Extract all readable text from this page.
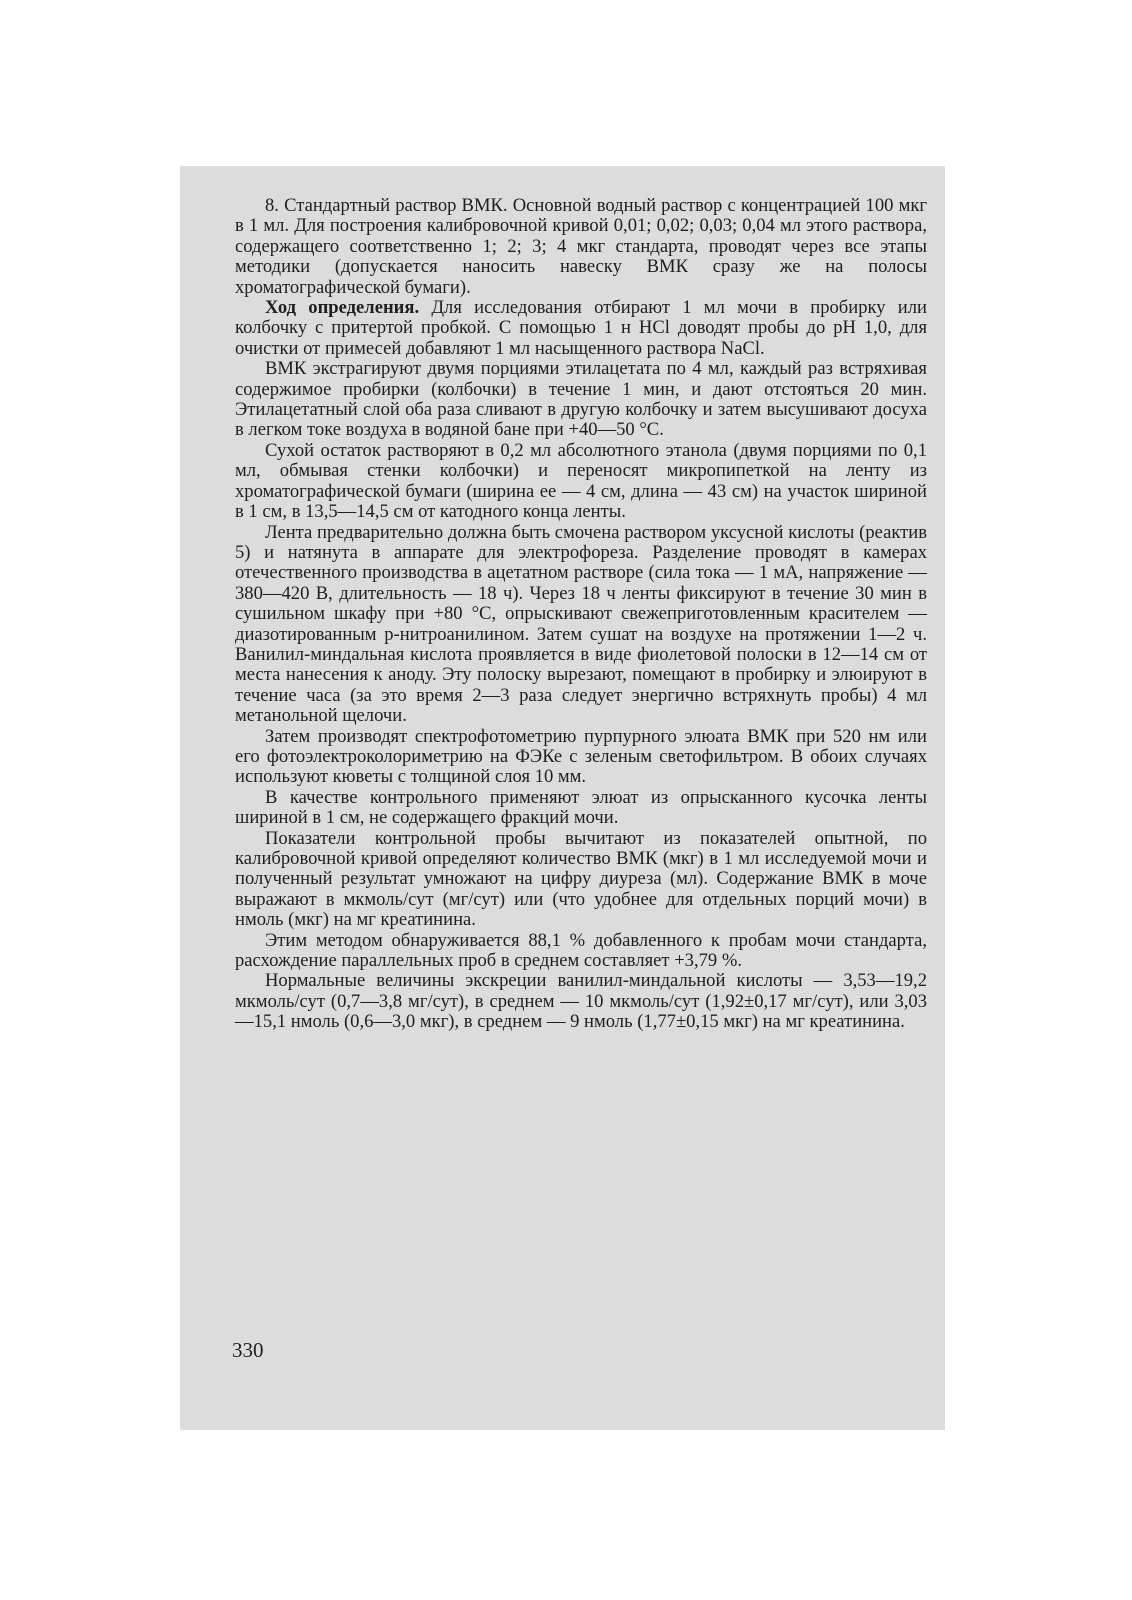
8. Стандартный раствор ВМК. Основной водный раствор с концентрацией 100 мкг в 1 мл. Для построения калибровочной кривой 0,01; 0,02; 0,03; 0,04 мл этого раствора, содержащего соответственно 1; 2; 3; 4 мкг стандарта, проводят через все этапы методики (допускается наносить навеску ВМК сразу же на полосы хроматографической бумаги).

Ход определения. Для исследования отбирают 1 мл мочи в пробирку или колбочку с притертой пробкой. С помощью 1 н HCl доводят пробы до pH 1,0, для очистки от примесей добавляют 1 мл насыщенного раствора NaCl.

ВМК экстрагируют двумя порциями этилацетата по 4 мл, каждый раз встряхивая содержимое пробирки (колбочки) в течение 1 мин, и дают отстояться 20 мин. Этилацетатный слой оба раза сливают в другую колбочку и затем высушивают досуха в легком токе воздуха в водяной бане при +40—50 °C.

Сухой остаток растворяют в 0,2 мл абсолютного этанола (двумя порциями по 0,1 мл, обмывая стенки колбочки) и переносят микропипеткой на ленту из хроматографической бумаги (ширина ее — 4 см, длина — 43 см) на участок шириной в 1 см, в 13,5—14,5 см от катодного конца ленты.

Лента предварительно должна быть смочена раствором уксусной кислоты (реактив 5) и натянута в аппарате для электрофореза. Разделение проводят в камерах отечественного производства в ацетатном растворе (сила тока — 1 мА, напряжение — 380—420 В, длительность — 18 ч). Через 18 ч ленты фиксируют в течение 30 мин в сушильном шкафу при +80 °C, опрыскивают свежеприготовленным красителем — диазотированным р-нитроанилином. Затем сушат на воздухе на протяжении 1—2 ч. Ванилил-миндальная кислота проявляется в виде фиолетовой полоски в 12—14 см от места нанесения к аноду. Эту полоску вырезают, помещают в пробирку и элюируют в течение часа (за это время 2—3 раза следует энергично встряхнуть пробы) 4 мл метанольной щелочи.

Затем производят спектрофотометрию пурпурного элюата ВМК при 520 нм или его фотоэлектроколориметрию на ФЭКе с зеленым светофильтром. В обоих случаях используют кюветы с толщиной слоя 10 мм.

В качестве контрольного применяют элюат из опрысканного кусочка ленты шириной в 1 см, не содержащего фракций мочи.

Показатели контрольной пробы вычитают из показателей опытной, по калибровочной кривой определяют количество ВМК (мкг) в 1 мл исследуемой мочи и полученный результат умножают на цифру диуреза (мл). Содержание ВМК в моче выражают в мкмоль/сут (мг/сут) или (что удобнее для отдельных порций мочи) в нмоль (мкг) на мг креатинина.

Этим методом обнаруживается 88,1 % добавленного к пробам мочи стандарта, расхождение параллельных проб в среднем составляет +3,79 %.

Нормальные величины экскреции ванилил-миндальной кислоты — 3,53—19,2 мкмоль/сут (0,7—3,8 мг/сут), в среднем — 10 мкмоль/сут (1,92±0,17 мг/сут), или 3,03—15,1 нмоль (0,6—3,0 мкг), в среднем — 9 нмоль (1,77±0,15 мкг) на мг креатинина.

330
